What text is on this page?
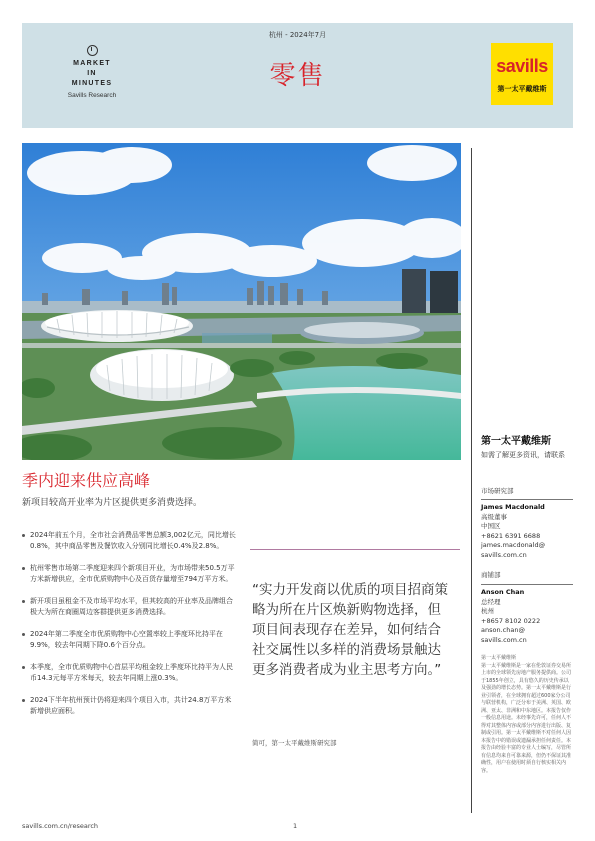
MARKET
IN
MINUTES
Savills Research
杭州 - 2024年7月
零售	savills
第一太平戴维斯
季内迎来供应高峰
新项目较高开业率为片区提供更多消费选择。
2024年前五个月，全市社会消费品零售总额3,002亿元，同比增长0.8%，其中商品零售及餐饮收入分别同比增长0.4%及2.8%。
杭州零售市场第二季度迎来四个新项目开业，为市场带来50.5万平方米新增供应，全市优质购物中心及百货存量增至794万平方米。
新开项目虽租金不及市场平均水平，但其较高的开业率及品牌组合极大为所在商圈周边客群提供更多消费选择。
2024年第二季度全市优质购物中心空置率较上季度环比持平在9.9%，较去年同期下降0.6个百分点。
本季度，全市优质购物中心首层平均租金较上季度环比持平为人民币14.3元每平方米每天，较去年同期上涨0.3%。
2024下半年杭州预计仍将迎来四个项目入市，共计24.8万平方米新增供应面积。
“实力开发商以优质的项目招商策略为所在片区焕新购物选择，但项目间表现存在差异，如何结合社交属性以多样的消费场景触达更多消费者成为业主思考方向。”
简可，第一太平戴维斯研究部
第一太平戴维斯
如需了解更多资讯，请联系
市场研究部
James Macdonald
高级董事
中国区
+8621 6391 6688
james.macdonald@
savills.com.cn
商铺部
Anson Chan
总经理
杭州
+8657 8102 0222
anson.chan@
savills.com.cn
第一太平戴维斯
第一太平戴维斯是一家在伦敦证券交易所上市的全球领先房地产服务提供商。公司于1855年创立，具有悠久的历史传承以及强劲的增长态势。第一太平戴维斯是行业引领者，在全球拥有超过600家分公司与联营机构，广泛分布于美洲、英国、欧洲、亚太、非洲和中东地区。本报告仅作一般信息用途。未经事先许可，任何人不得对其整体内容或部分内容进行出版、复制或引用。第一太平戴维斯不对任何人因本报告中的错误或遗漏承担任何责任。本报告由经验丰富的专业人士编写，尽管所有信息均来自可靠来源，但仍不保证其准确性，用户在使用时须自行核实相关内容。
savills.com.cn/research	1
